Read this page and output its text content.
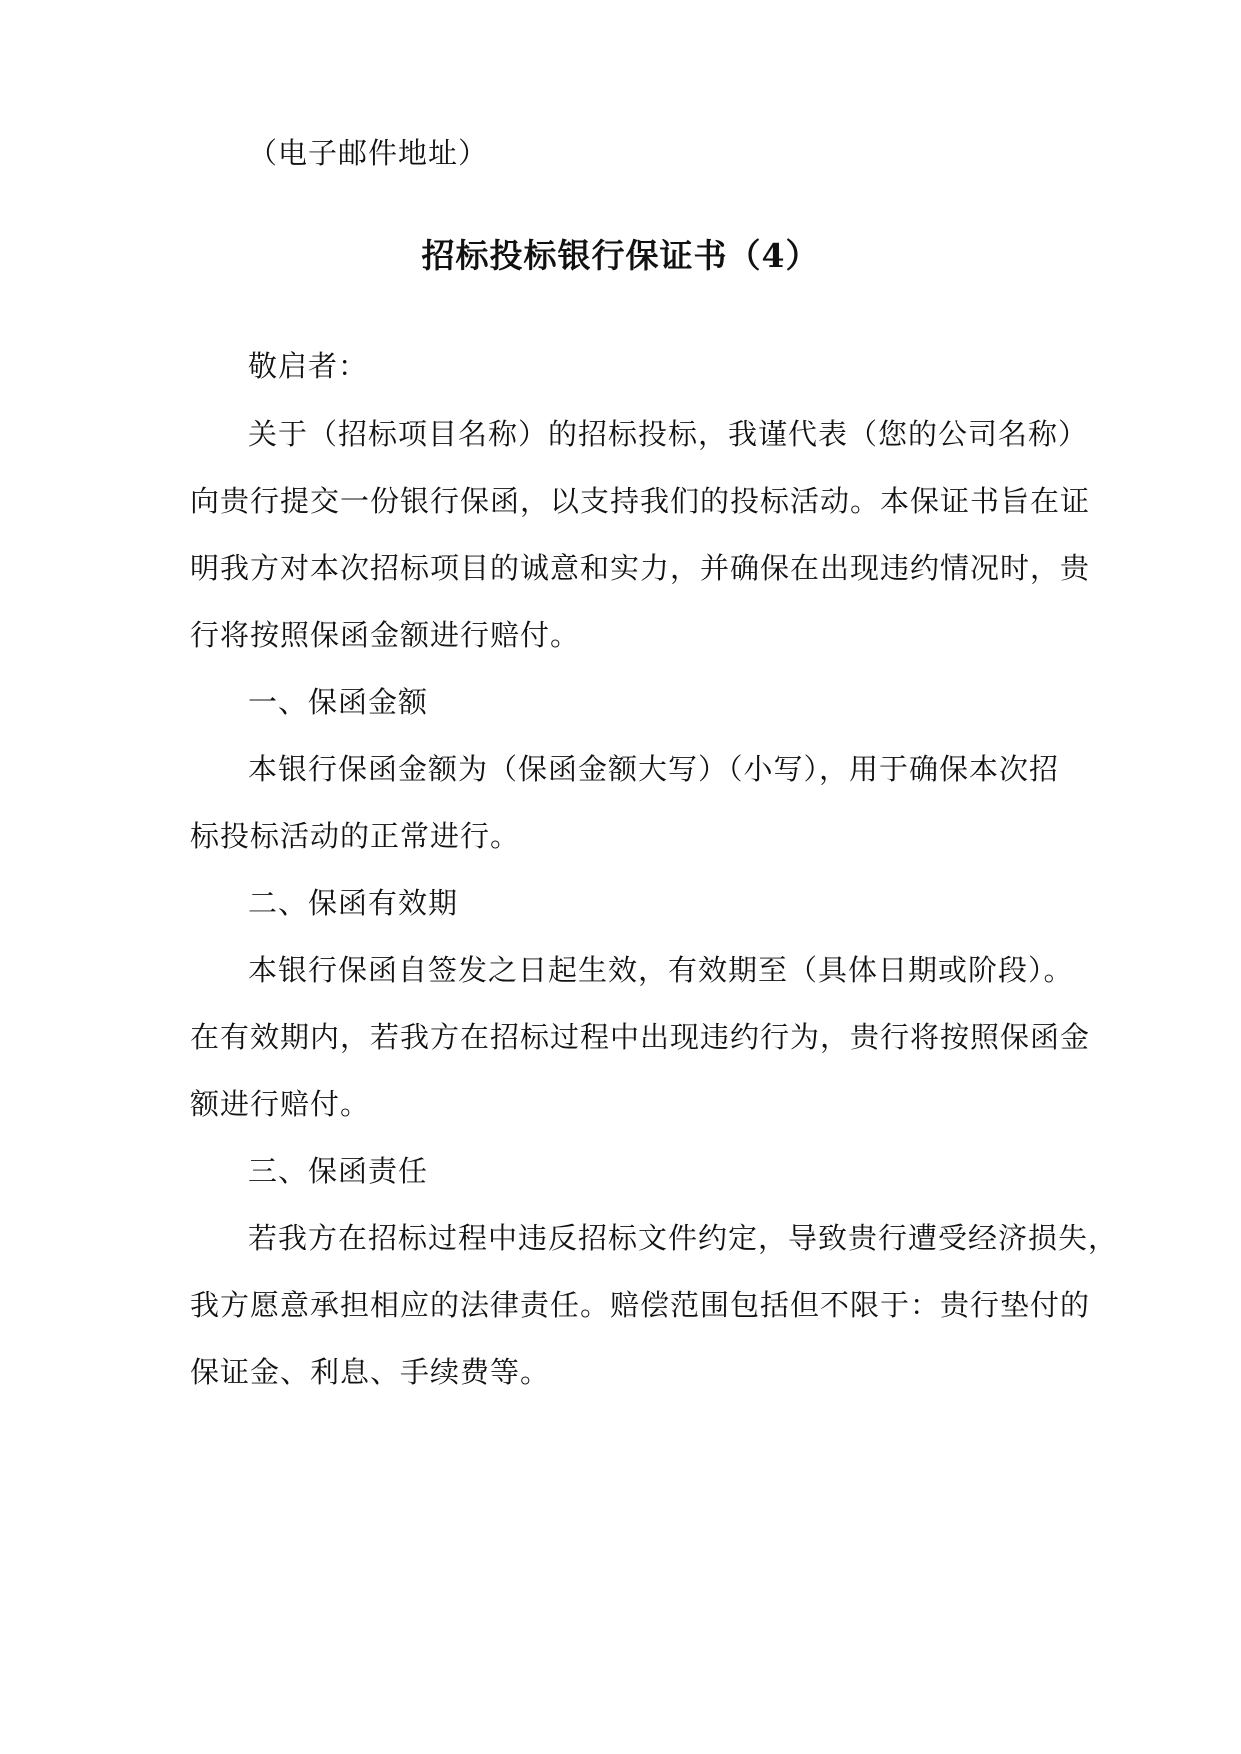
（电子邮件地址）
招标投标银行保证书（4）
敬启者：
关于（招标项目名称）的招标投标，我谨代表（您的公司名称）
向贵行提交一份银行保函，以支持我们的投标活动。本保证书旨在证
明我方对本次招标项目的诚意和实力，并确保在出现违约情况时，贵
行将按照保函金额进行赔付。
一、保函金额
本银行保函金额为（保函金额大写）（小写），用于确保本次招
标投标活动的正常进行。
二、保函有效期
本银行保函自签发之日起生效，有效期至（具体日期或阶段）。
在有效期内，若我方在招标过程中出现违约行为，贵行将按照保函金
额进行赔付。
三、保函责任
若我方在招标过程中违反招标文件约定，导致贵行遭受经济损失，
我方愿意承担相应的法律责任。赔偿范围包括但不限于：贵行垫付的
保证金、利息、手续费等。
